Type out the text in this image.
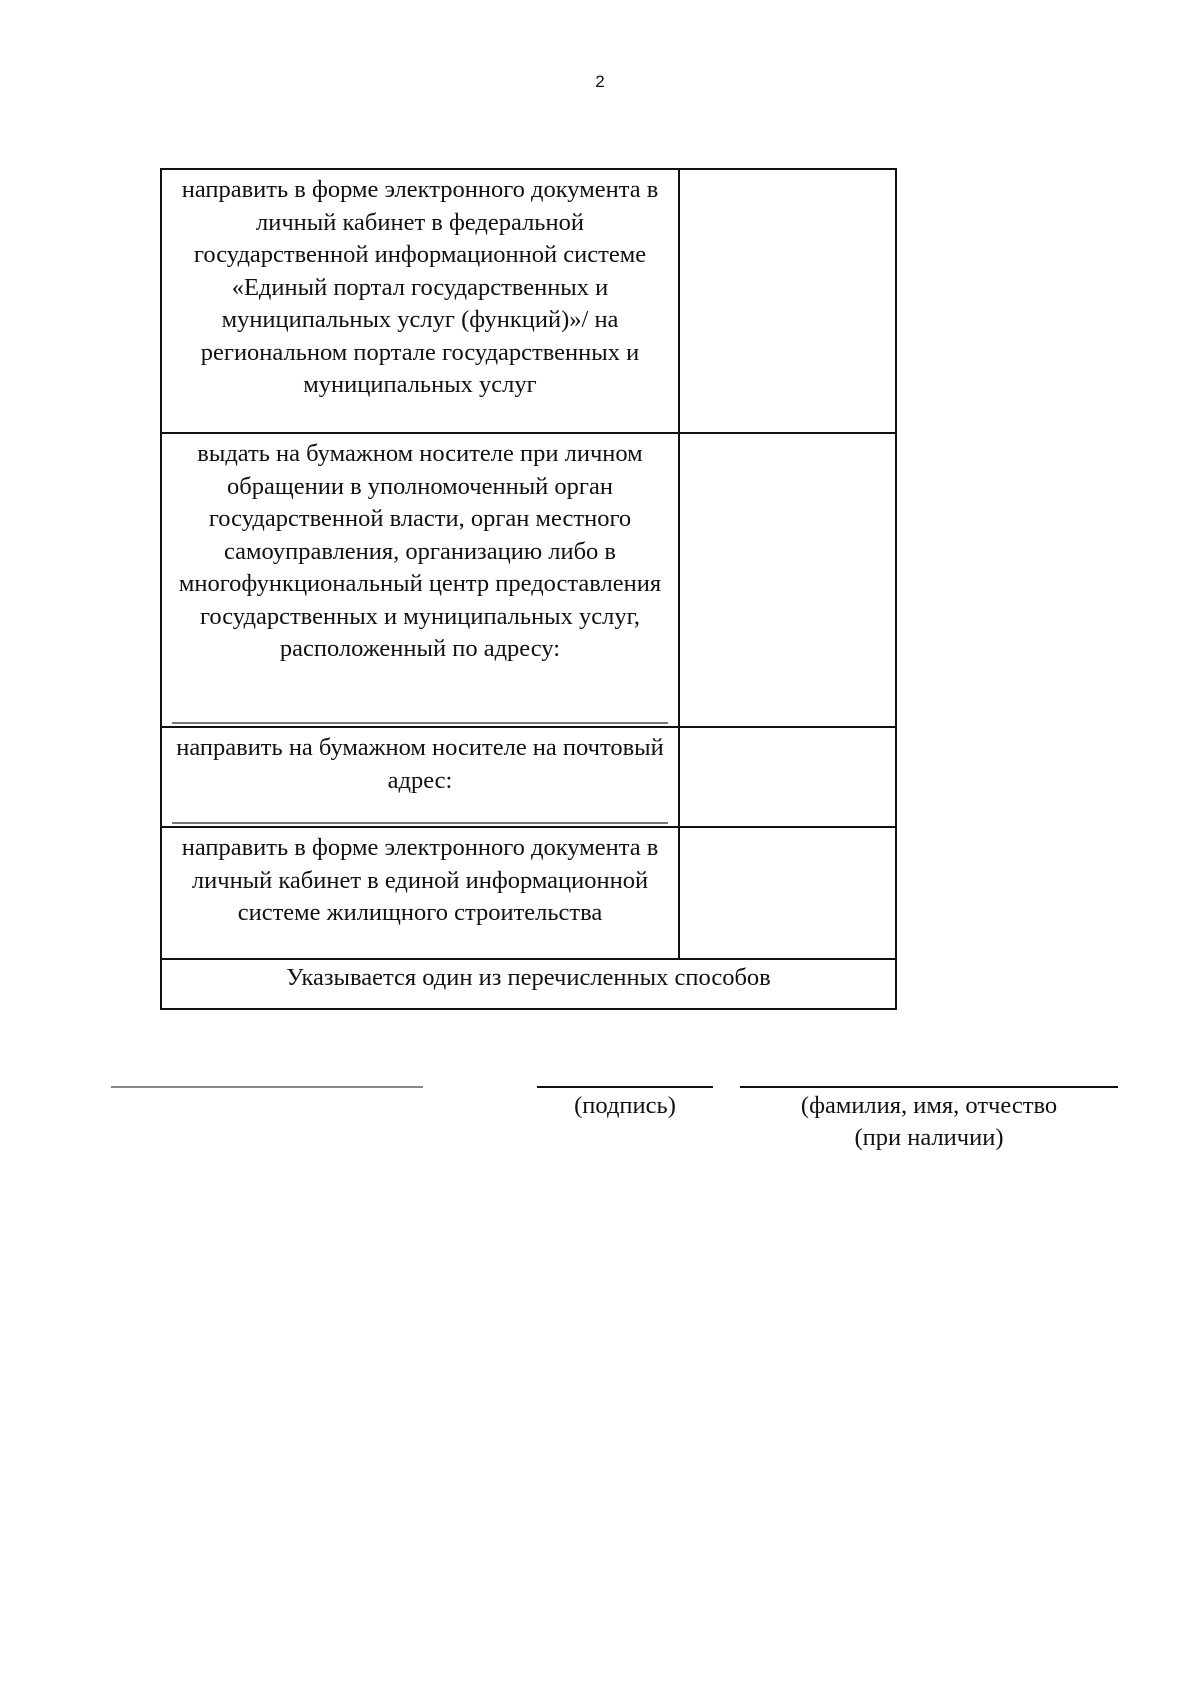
2
направить в форме электронного документа в личный кабинет в федеральной государственной информационной системе «Единый портал государственных и муниципальных услуг (функций)»/ на региональном портале государственных и муниципальных услуг	
выдать на бумажном носителе при личном обращении в уполномоченный орган государственной власти, орган местного самоуправления, организацию либо в многофункциональный центр предоставления государственных и муниципальных услуг, расположенный по адресу:

направить на бумажном носителе на почтовый адрес:

направить в форме электронного документа в личный кабинет в единой информационной системе жилищного строительства	
Указывается один из перечисленных способов	
(подпись)	(фамилия, имя, отчество
(при наличии)
